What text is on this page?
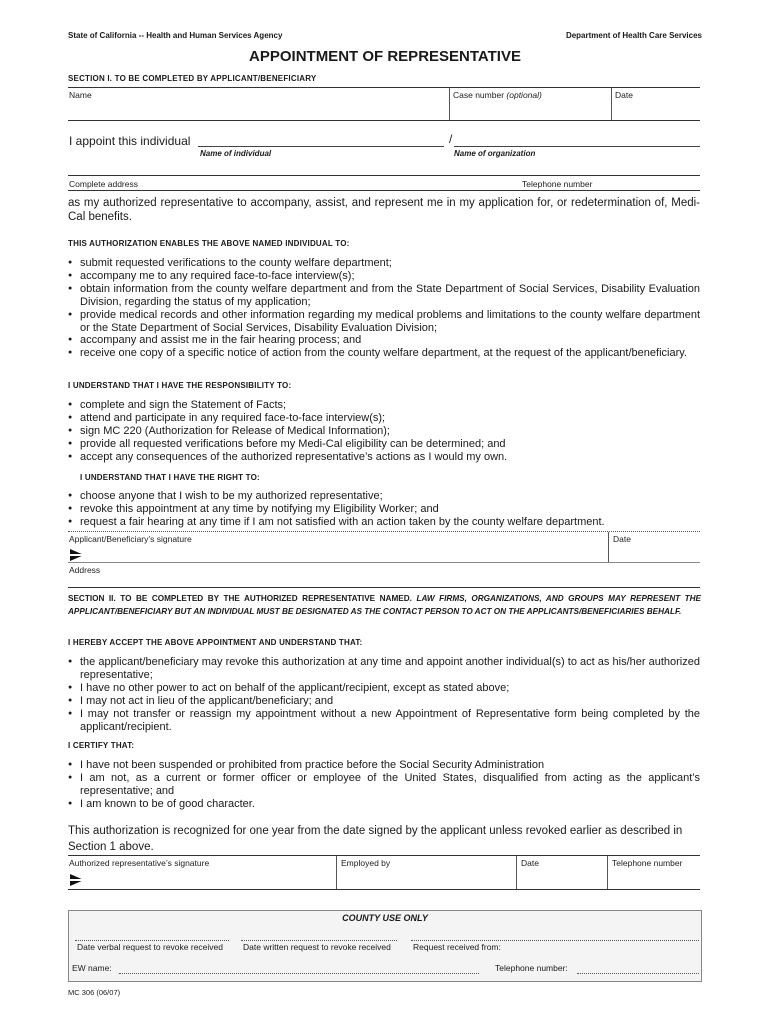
State of California -- Health and Human Services Agency	Department of Health Care Services
APPOINTMENT OF REPRESENTATIVE
SECTION I. TO BE COMPLETED BY APPLICANT/BENEFICIARY
Name	Case number (optional)	Date
I appoint this individual	/
Name of individual	Name of organization
Complete address	Telephone number
as my authorized representative to accompany, assist, and represent me in my application for, or redetermination of, Medi-Cal benefits.
THIS AUTHORIZATION ENABLES THE ABOVE NAMED INDIVIDUAL TO:
● submit requested verifications to the county welfare department;
● accompany me to any required face-to-face interview(s);
● obtain information from the county welfare department and from the State Department of Social Services, Disability Evaluation Division, regarding the status of my application;
● provide medical records and other information regarding my medical problems and limitations to the county welfare department or the State Department of Social Services, Disability Evaluation Division;
● accompany and assist me in the fair hearing process; and
● receive one copy of a specific notice of action from the county welfare department, at the request of the applicant/beneficiary.
I UNDERSTAND THAT I HAVE THE RESPONSIBILITY TO:
● complete and sign the Statement of Facts;
● attend and participate in any required face-to-face interview(s);
● sign MC 220 (Authorization for Release of Medical Information);
● provide all requested verifications before my Medi-Cal eligibility can be determined; and
● accept any consequences of the authorized representative’s actions as I would my own.
I UNDERSTAND THAT I HAVE THE RIGHT TO:
● choose anyone that I wish to be my authorized representative;
● revoke this appointment at any time by notifying my Eligibility Worker; and
● request a fair hearing at any time if I am not satisfied with an action taken by the county welfare department.
Applicant/Beneficiary’s signature	Date
Address
SECTION II. TO BE COMPLETED BY THE AUTHORIZED REPRESENTATIVE NAMED. LAW FIRMS, ORGANIZATIONS, AND GROUPS MAY REPRESENT THE APPLICANT/BENEFICIARY BUT AN INDIVIDUAL MUST BE DESIGNATED AS THE CONTACT PERSON TO ACT ON THE APPLICANTS/BENEFICIARIES BEHALF.
I HEREBY ACCEPT THE ABOVE APPOINTMENT AND UNDERSTAND THAT:
● the applicant/beneficiary may revoke this authorization at any time and appoint another individual(s) to act as his/her authorized representative;
● I have no other power to act on behalf of the applicant/recipient, except as stated above;
● I may not act in lieu of the applicant/beneficiary; and
● I may not transfer or reassign my appointment without a new Appointment of Representative form being completed by the applicant/recipient.
I CERTIFY THAT:
● I have not been suspended or prohibited from practice before the Social Security Administration
● I am not, as a current or former officer or employee of the United States, disqualified from acting as the applicant’s representative; and
● I am known to be of good character.
This authorization is recognized for one year from the date signed by the applicant unless revoked earlier as described in Section 1 above.
Authorized representative’s signature	Employed by	Date	Telephone number
COUNTY USE ONLY
Date verbal request to revoke received Date written request to revoke received	Request received from:
EW name:	Telephone number:
MC 306 (06/07)
